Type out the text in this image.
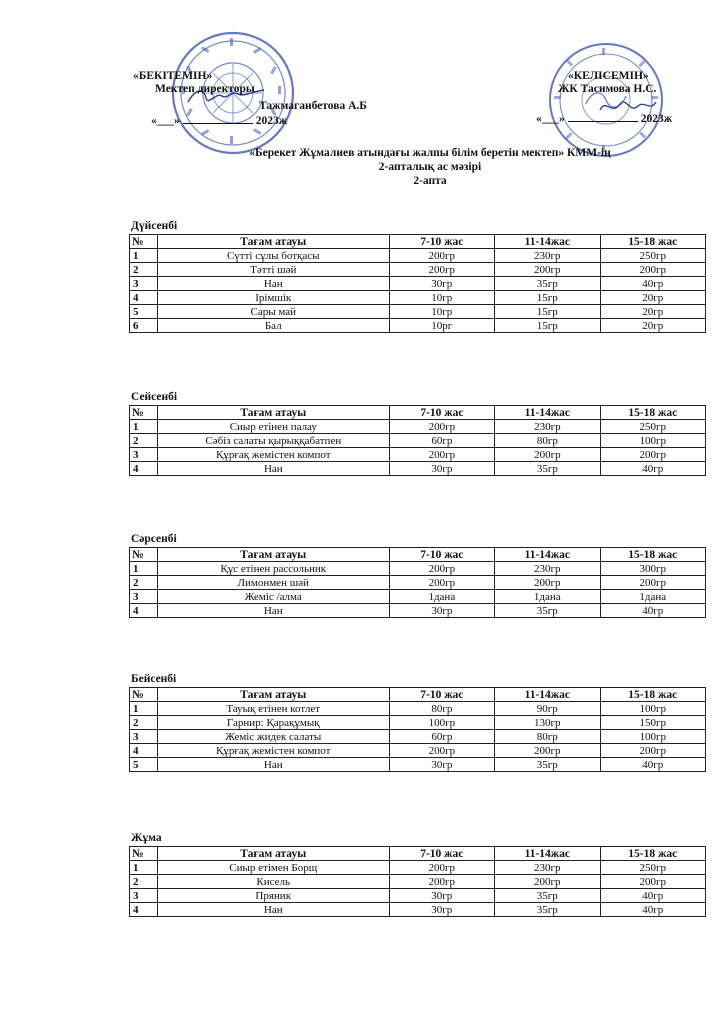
«БЕКІТЕМІН»
Мектеп директоры
Тажмаганбетова А.Б
«___»	2023ж
«КЕЛІСЕМІН»
ЖК Тасимова Н.С.
«___»	2023ж
«Берекет Жұмалиев атындағы жалпы білім беретін мектеп» КММ-ің
2-апталық ас мәзірі
2-апта
Дүйсенбі
№	Тағам атауы	7-10 жас	11-14жас	15-18 жас
1	Сүтті сұлы ботқасы	200гр	230гр	250гр
2	Тәтті шәй	200гр	200гр	200гр
3	Нан	30гр	35гр	40гр
4	Ірімшік	10гр	15гр	20гр
5	Сары май	10гр	15гр	20гр
6	Бал	10рг	15гр	20гр
Сейсенбі
№	Тағам атауы	7-10 жас	11-14жас	15-18 жас
1	Сиыр етінен палау	200гр	230гр	250гр
2	Сәбіз салаты қырыққабатпен	60гр	80гр	100гр
3	Құрғақ жемістен компот	200гр	200гр	200гр
4	Нан	30гр	35гр	40гр
Сәрсенбі
№	Тағам атауы	7-10 жас	11-14жас	15-18 жас
1	Құс етінен рассольник	200гр	230гр	300гр
2	Лимонмен шәй	200гр	200гр	200гр
3	Жеміс /алма	1дана	1дана	1дана
4	Нан	30гр	35гр	40гр
Бейсенбі
№	Тағам атауы	7-10 жас	11-14жас	15-18 жас
1	Тауық етінен котлет	80гр	90гр	100гр
2	Гарнир: Қарақұмық	100гр	130гр	150гр
3	Жеміс жидек салаты	60гр	80гр	100гр
4	Құрғақ жемістен компот	200гр	200гр	200гр
5	Нан	30гр	35гр	40гр
Жұма
№	Тағам атауы	7-10 жас	11-14жас	15-18 жас
1	Сиыр етімен Борщ	200гр	230гр	250гр
2	Кисель	200гр	200гр	200гр
3	Пряник	30гр	35гр	40гр
4	Нан	30гр	35гр	40гр
